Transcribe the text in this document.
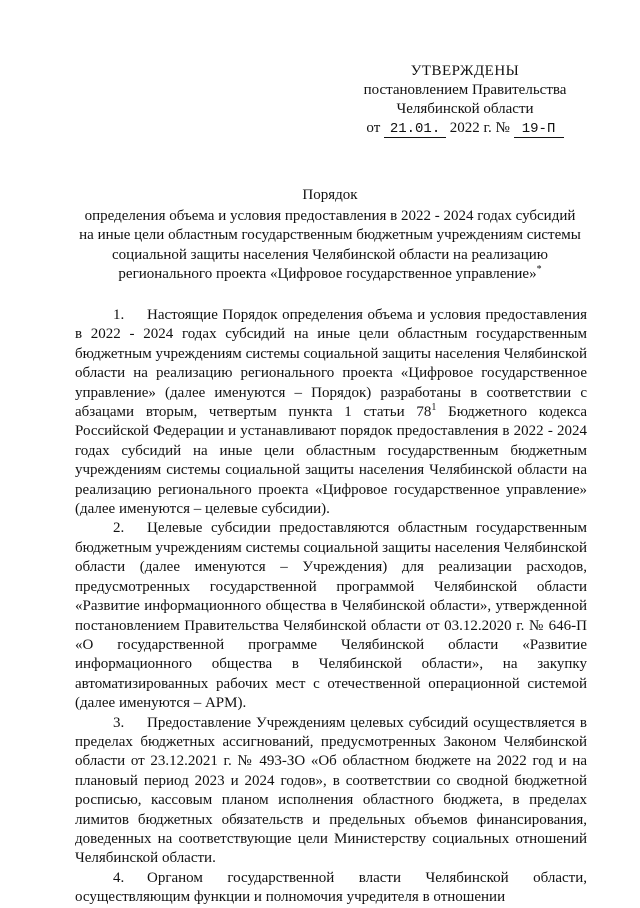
УТВЕРЖДЕНЫ
постановлением Правительства
Челябинской области
от 21.01. 2022 г. № 19-П
Порядок
определения объема и условия предоставления в 2022 - 2024 годах субсидий
на иные цели областным государственным бюджетным учреждениям системы
социальной защиты населения Челябинской области на реализацию
регионального проекта «Цифровое государственное управление»*

1. Настоящие Порядок определения объема и условия предоставления в 2022 - 2024 годах субсидий на иные цели областным государственным бюджетным учреждениям системы социальной защиты населения Челябинской области на реализацию регионального проекта «Цифровое государственное управление» (далее именуются – Порядок) разработаны в соответствии с абзацами вторым, четвертым пункта 1 статьи $78^1$ Бюджетного кодекса Российской Федерации и устанавливают порядок предоставления в 2022 - 2024 годах субсидий на иные цели областным государственным бюджетным учреждениям системы социальной защиты населения Челябинской области на реализацию регионального проекта «Цифровое государственное управление» (далее именуются – целевые субсидии).

2. Целевые субсидии предоставляются областным государственным бюджетным учреждениям системы социальной защиты населения Челябинской области (далее именуются – Учреждения) для реализации расходов, предусмотренных государственной программой Челябинской области «Развитие информационного общества в Челябинской области», утвержденной постановлением Правительства Челябинской области от 03.12.2020 г. № 646-П «О государственной программе Челябинской области «Развитие информационного общества в Челябинской области», на закупку автоматизированных рабочих мест с отечественной операционной системой (далее именуются – АРМ).

3. Предоставление Учреждениям целевых субсидий осуществляется в пределах бюджетных ассигнований, предусмотренных Законом Челябинской области от 23.12.2021 г. № 493-ЗО «Об областном бюджете на 2022 год и на плановый период 2023 и 2024 годов», в соответствии со сводной бюджетной росписью, кассовым планом исполнения областного бюджета, в пределах лимитов бюджетных обязательств и предельных объемов финансирования, доведенных на соответствующие цели Министерству социальных отношений Челябинской области.

4. Органом государственной власти Челябинской области, осуществляющим функции и полномочия учредителя в отношении
